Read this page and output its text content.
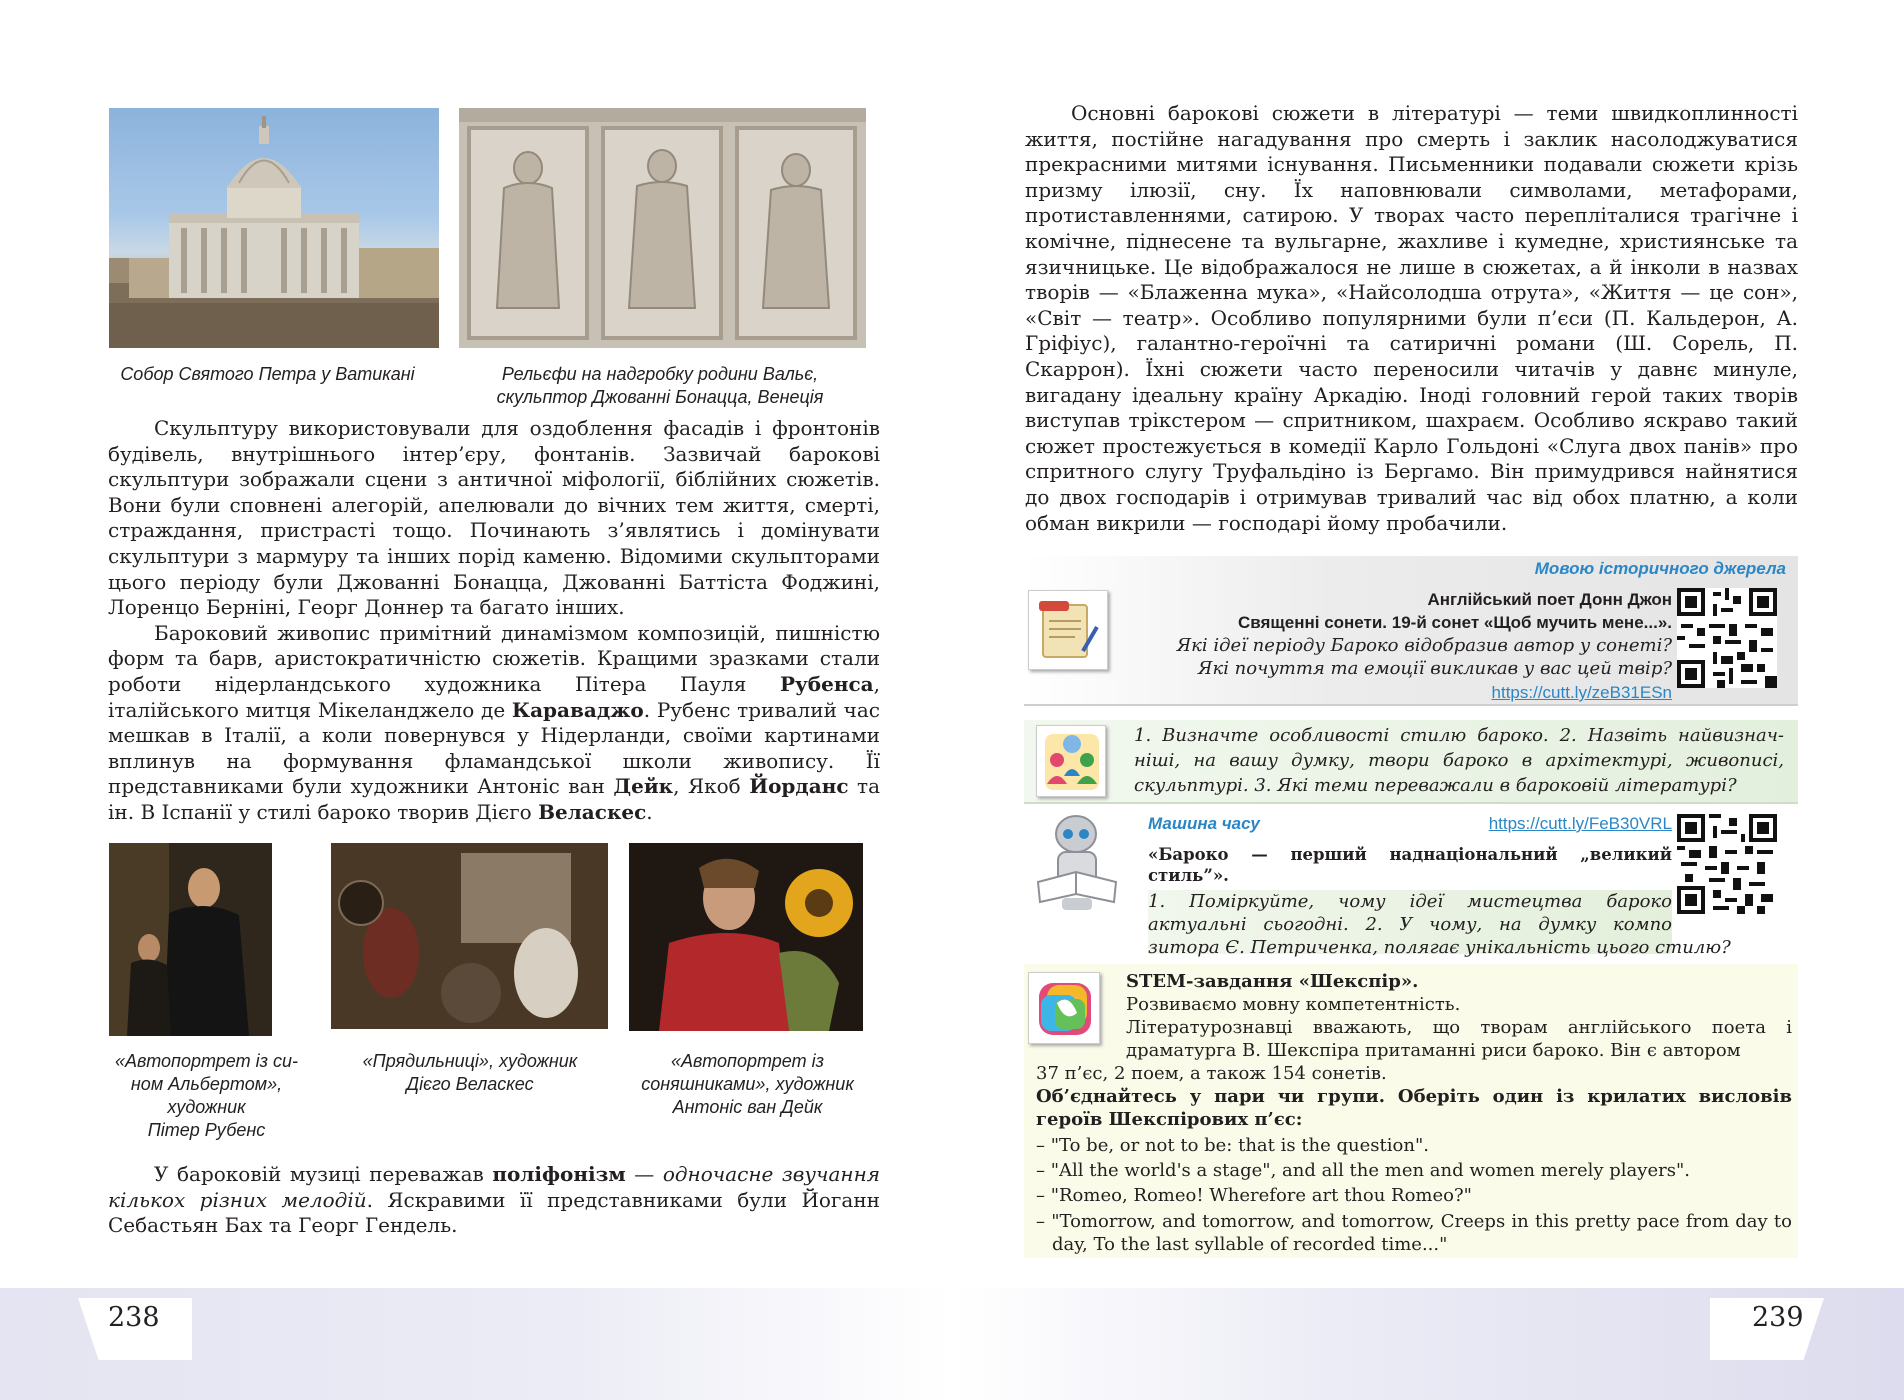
238	239
Собор Святого Петра у Ватикані	Рельєфи на надгробку родини Вальє,
скульптор Джованні Бонацца, Венеція

Скульптуру використовували для оздоблення фасадів і фронтонів будівель, внутрішнього інтер’єру, фонтанів. Зазвичай барокові скульптури зображали сцени з античної міфології, біблійних сюжетів. Вони були сповнені алегорій, апелювали до вічних тем життя, смерті, страждання, пристрасті тощо. Починають з’являтись і домінувати скульптури з мармуру та інших порід каменю. Відомими скульпторами цього періоду були Джованні Бонацца, Джованні Баттіста Фоджині, Лоренцо Берніні, Георг Доннер та багато інших.

Бароковий живопис примітний динамізмом композицій, пишністю форм та барв, аристократичністю сюжетів. Кращими зразками стали роботи нідерландського художника Пітера Пауля Рубенса, італійського митця Мікеланджело де Караваджо. Рубенс тривалий час мешкав в Італії, а коли повернувся у Нідерланди, своїми картинами вплинув на формування фламандської школи живопису. Її представниками були художники Антоніс ван Дейк, Якоб Йорданс та ін. В Іспанії у стилі бароко творив Дієго Веласкес.

«Автопортрет із си-
ном Альбертом»,
художник
Пітер Рубенс
«Прядильниці», художник
Дієго Веласкес
«Автопортрет із
соняшниками», художник
Антоніс ван Дейк

У бароковій музиці переважав поліфонізм — одночасне звучання кількох різних мелодій. Яскравими її представниками були Йоганн Себастьян Бах та Георг Гендель.

Основні барокові сюжети в літературі — теми швидкоплинності життя, постійне нагадування про смерть і заклик насолоджуватися прекрасними митями існування. Письменники подавали сюжети крізь призму ілюзії, сну. Їх наповнювали символами, метафорами, протиставленнями, сатирою. У творах часто перепліталися трагічне і комічне, піднесене та вульгарне, жахливе і кумедне, християнське та язичницьке. Це відображалося не лише в сюжетах, а й інколи в назвах творів — «Блаженна мука», «Найсолодша отрута», «Життя — це сон», «Світ — театр». Особливо популярними були п’єси (П. Кальдерон, А. Гріфіус), галантно-героїчні та сатиричні романи (Ш. Сорель, П. Скаррон). Їхні сюжети часто переносили читачів у давнє минуле, вигадану ідеальну країну Аркадію. Іноді головний герой таких творів виступав трікстером — спритником, шахраєм. Особливо яскраво такий сюжет простежується в комедії Карло Гольдоні «Слуга двох панів» про спритного слугу Труфальдіно із Бергамо. Він примудрився найнятися до двох господарів і отримував тривалий час від обох платню, а коли обман викрили — господарі йому пробачили.

Мовою історичного джерела
Англійський поет Донн Джон
Священні сонети. 19-й сонет «Щоб мучить мене...».
Які ідеї періоду Бароко відобразив автор у сонеті?
Які почуття та емоції викликав у вас цей твір?
https://cutt.ly/zeB31ESn
1. Визначте особливості стилю бароко. 2. Назвіть найвизначніші, на вашу думку, твори бароко в архітектурі, живописі, скульптурі. 3. Які теми переважали в бароковій літературі?
Машина часу	https://cutt.ly/FeB30VRL
«Бароко — перший наднаціональний „великий
стиль”».
1. Поміркуйте, чому ідеї мистецтва бароко
актуальні сьогодні. 2. У чому, на думку компо
зитора Є. Петриченка, полягає унікальність цього стилю?
STEM-завдання «Шекспір».
Розвиваємо мовну компетентність.
Літературознавці вважають, що творам англійського поета і драматурга В. Шекспіра притаманні риси бароко. Він є автором
37 п’єс, 2 поем, а також 154 сонетів.
Об’єднайтесь у пари чи групи. Оберіть один із крилатих висловів героїв Шекспірових п’єс:
– "To be, or not to be: that is the question".
– "All the world's a stage", and all the men and women merely players".
– "Romeo, Romeo! Wherefore art thou Romeo?"
– "Tomorrow, and tomorrow, and tomorrow, Creeps in this pretty pace from day to day, To the last syllable of recorded time..."
